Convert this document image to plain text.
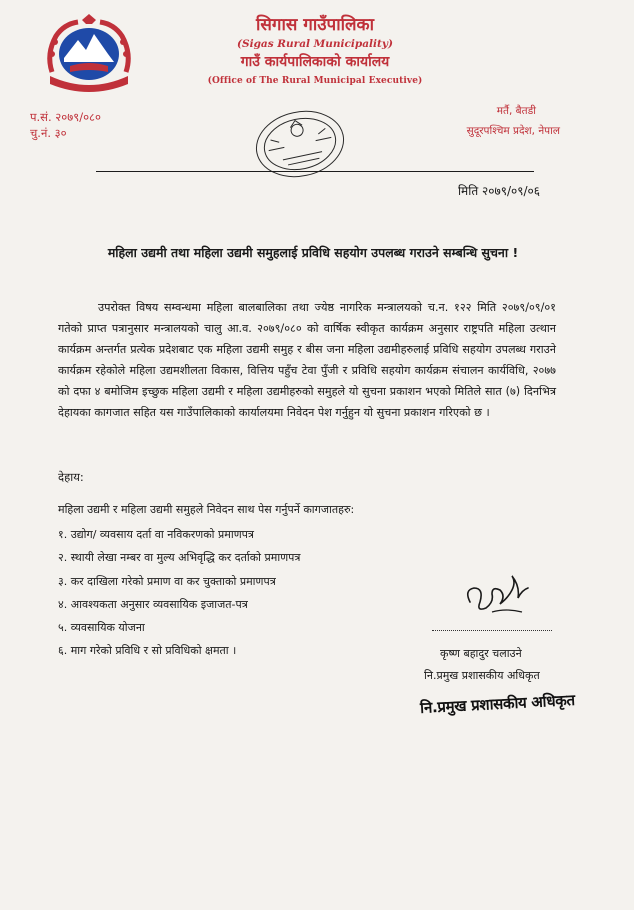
सिगास गाउँपालिका
(Sigas Rural Municipality)
गाउँ कार्यपालिकाको कार्यालय
(Office of The Rural Municipal Executive)
प.सं. २०७९/०८०
चु.नं. ३०
मर्तै, बैतडी
सुदूरपश्चिम प्रदेश, नेपाल
मिति २०७९/०९/०६
महिला उद्यमी तथा महिला उद्यमी समुहलाई प्रविधि सहयोग उपलब्ध गराउने सम्बन्धि सुचना !
उपरोक्त विषय सम्वन्धमा महिला बालबालिका तथा ज्येष्ठ नागरिक मन्त्रालयको च.न. १२२ मिति २०७९/०९/०१ गतेको प्राप्त पत्रानुसार मन्त्रालयको चालु आ.व. २०७९/०८० को वार्षिक स्वीकृत कार्यक्रम अनुसार राष्ट्रपति महिला उत्थान कार्यक्रम अन्तर्गत प्रत्येक प्रदेशबाट एक महिला उद्यमी समुह र बीस जना महिला उद्यमीहरुलाई प्रविधि सहयोग उपलब्ध गराउने कार्यक्रम रहेकोले महिला उद्यमशीलता विकास, वित्तिय पहुँच टेवा पुँजी र प्रविधि सहयोग कार्यक्रम संचालन कार्यविधि, २०७७ को दफा ४ बमोजिम इच्छुक महिला उद्यमी र महिला उद्यमीहरुको समुहले यो सुचना प्रकाशन भएको मितिले सात (७) दिनभित्र देहायका कागजात सहित यस गाउँपालिकाको कार्यालयमा निवेदन पेश गर्नुहुन यो सुचना प्रकाशन गरिएको छ ।
देहाय:
महिला उद्यमी र महिला उद्यमी समुहले निवेदन साथ पेस गर्नुपर्ने कागजातहरु:
१. उद्योग/ व्यवसाय दर्ता वा नविकरणको प्रमाणपत्र
२. स्थायी लेखा नम्बर वा मुल्य अभिवृद्धि कर दर्ताको प्रमाणपत्र
३. कर दाखिला गरेको प्रमाण वा कर चुक्ताको प्रमाणपत्र
४. आवश्यकता अनुसार व्यवसायिक इजाजत-पत्र
५. व्यवसायिक योजना
६. माग गरेको प्रविधि र सो प्रविधिको क्षमता ।	कृष्ण बहादुर चलाउने
नि.प्रमुख प्रशासकीय अधिकृत
नि.प्रमुख प्रशासकीय अधिकृत
